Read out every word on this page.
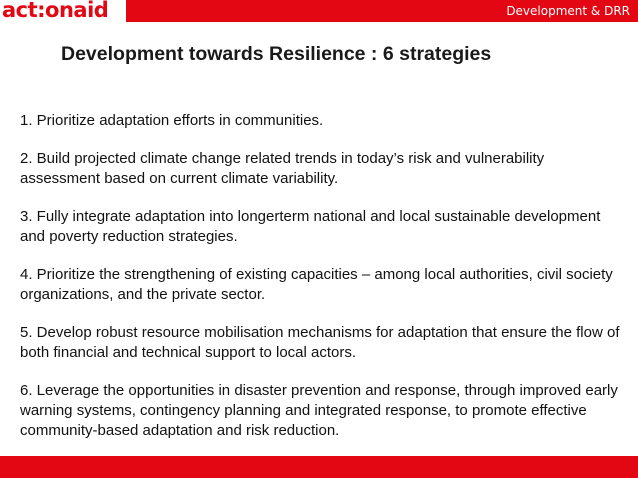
act:onaid	Development & DRR
Development towards Resilience : 6 strategies
1. Prioritize adaptation efforts in communities.
2. Build projected climate change related trends in today’s risk and vulnerability assessment based on current climate variability.
3. Fully integrate adaptation into longerterm national and local sustainable development and poverty reduction strategies.
4. Prioritize the strengthening of existing capacities – among local authorities, civil society organizations, and the private sector.
5. Develop robust resource mobilisation mechanisms for adaptation that ensure the flow of both financial and technical support to local actors.
6. Leverage the opportunities in disaster prevention and response, through improved early warning systems, contingency planning and integrated response, to promote effective community-based adaptation and risk reduction.
